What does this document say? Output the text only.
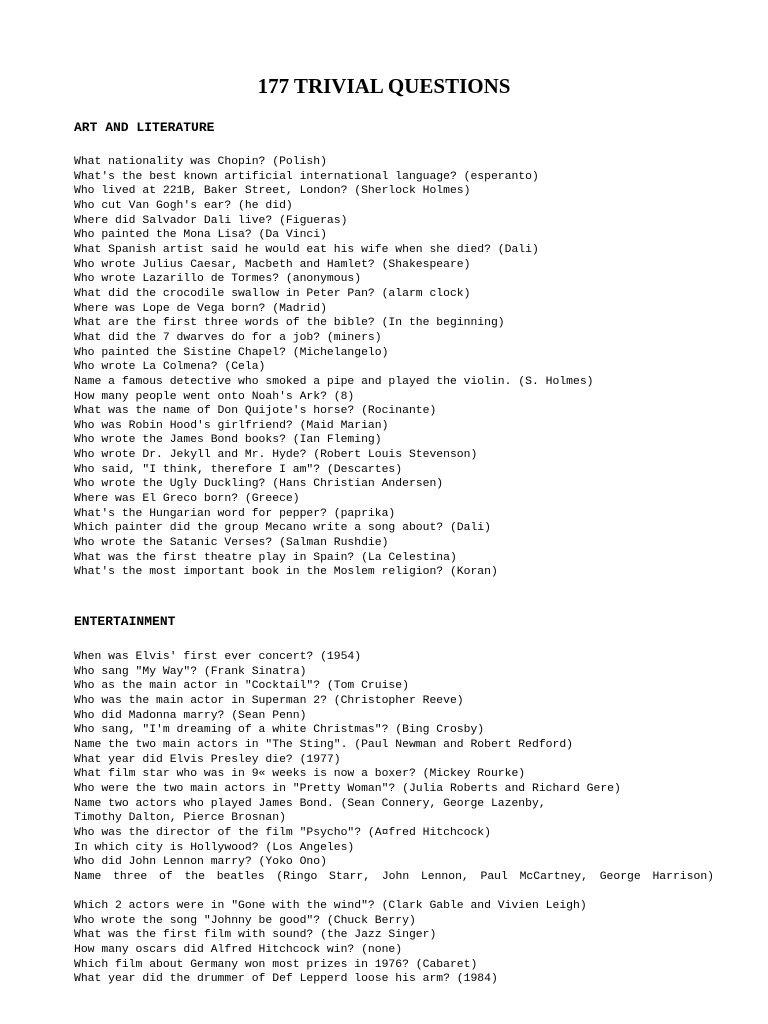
177 TRIVIAL QUESTIONS
ART AND LITERATURE
What nationality was Chopin? (Polish)
What's the best known artificial international language? (esperanto)
Who lived at 221B, Baker Street, London? (Sherlock Holmes)
Who cut Van Gogh's ear? (he did)
Where did Salvador Dali live? (Figueras)
Who painted the Mona Lisa? (Da Vinci)
What Spanish artist said he would eat his wife when she died? (Dali)
Who wrote Julius Caesar, Macbeth and Hamlet? (Shakespeare)
Who wrote Lazarillo de Tormes? (anonymous)
What did the crocodile swallow in Peter Pan? (alarm clock)
Where was Lope de Vega born? (Madrid)
What are the first three words of the bible? (In the beginning)
What did the 7 dwarves do for a job? (miners)
Who painted the Sistine Chapel? (Michelangelo)
Who wrote La Colmena? (Cela)
Name a famous detective who smoked a pipe and played the violin. (S. Holmes)
How many people went onto Noah's Ark? (8)
What was the name of Don Quijote's horse? (Rocinante)
Who was Robin Hood's girlfriend? (Maid Marian)
Who wrote the James Bond books? (Ian Fleming)
Who wrote Dr. Jekyll and Mr. Hyde? (Robert Louis Stevenson)
Who said, "I think, therefore I am"? (Descartes)
Who wrote the Ugly Duckling? (Hans Christian Andersen)
Where was El Greco born? (Greece)
What's the Hungarian word for pepper? (paprika)
Which painter did the group Mecano write a song about? (Dali)
Who wrote the Satanic Verses? (Salman Rushdie)
What was the first theatre play in Spain? (La Celestina)
What's the most important book in the Moslem religion? (Koran)
ENTERTAINMENT
When was Elvis' first ever concert? (1954)
Who sang "My Way"? (Frank Sinatra)
Who as the main actor in "Cocktail"? (Tom Cruise)
Who was the main actor in Superman 2? (Christopher Reeve)
Who did Madonna marry? (Sean Penn)
Who sang, "I'm dreaming of a white Christmas"? (Bing Crosby)
Name the two main actors in "The Sting". (Paul Newman and Robert Redford)
What year did Elvis Presley die? (1977)
What film star who was in 9« weeks is now a boxer? (Mickey Rourke)
Who were the two main actors in "Pretty Woman"? (Julia Roberts and Richard Gere)
Name two actors who played James Bond. (Sean Connery, George Lazenby,
Timothy Dalton, Pierce Brosnan)
Who was the director of the film "Psycho"? (A¤fred Hitchcock)
In which city is Hollywood? (Los Angeles)
Who did John Lennon marry? (Yoko Ono)
Name three of the beatles (Ringo Starr, John Lennon, Paul McCartney, George Harrison)
Which 2 actors were in "Gone with the wind"? (Clark Gable and Vivien Leigh)
Who wrote the song "Johnny be good"? (Chuck Berry)
What was the first film with sound? (the Jazz Singer)
How many oscars did Alfred Hitchcock win? (none)
Which film about Germany won most prizes in 1976? (Cabaret)
What year did the drummer of Def Lepperd loose his arm? (1984)
